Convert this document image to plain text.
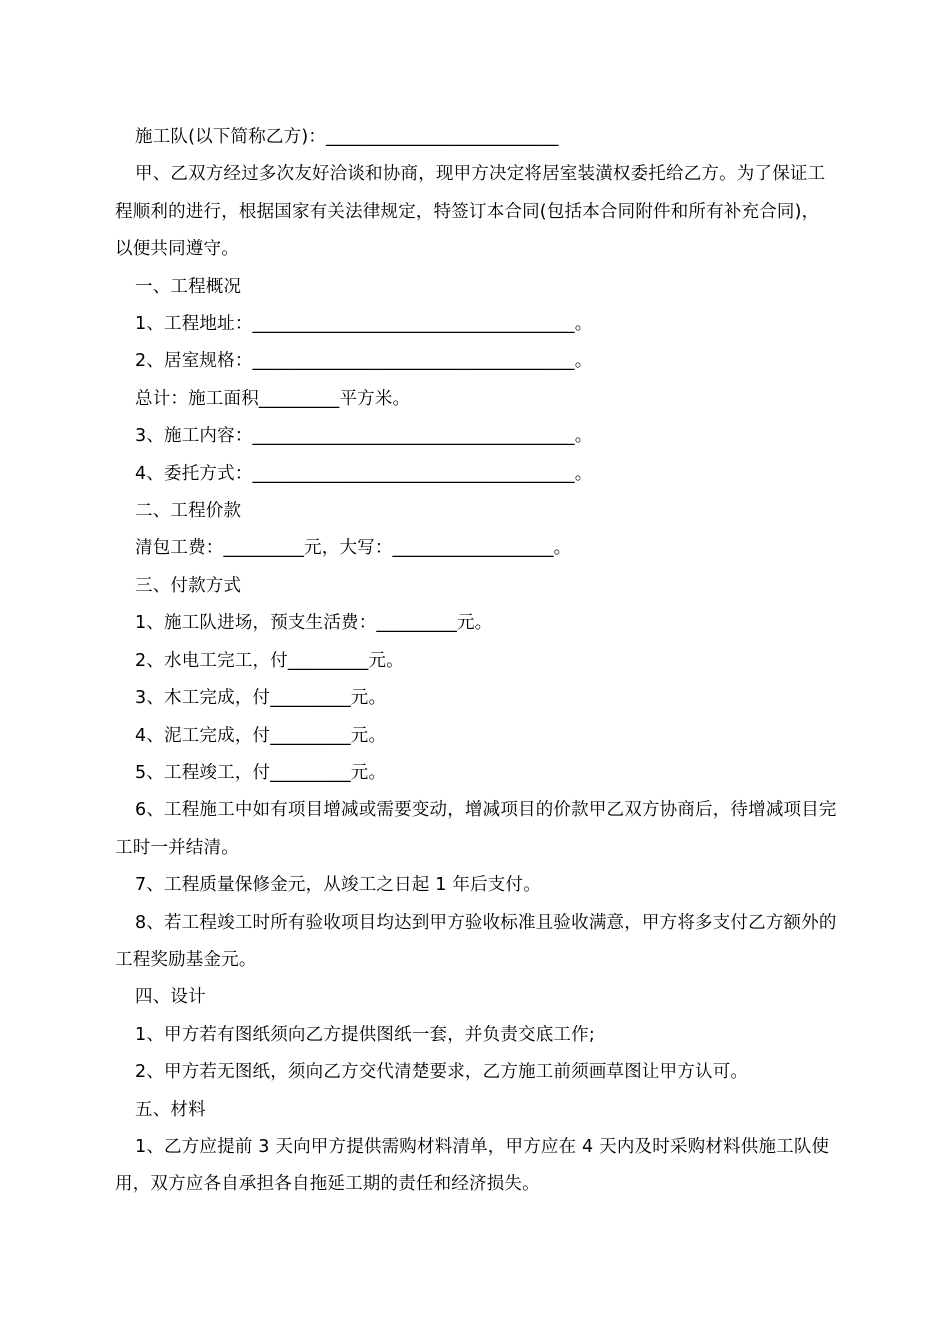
施工队(以下简称乙方)：__________________________

甲、乙双方经过多次友好洽谈和协商，现甲方决定将居室装潢权委托给乙方。为了保证工程顺利的进行，根据国家有关法律规定，特签订本合同(包括本合同附件和所有补充合同)，以便共同遵守。

一、工程概况

1、工程地址：____________________________________。

2、居室规格：____________________________________。

总计：施工面积_________平方米。

3、施工内容：____________________________________。

4、委托方式：____________________________________。

二、工程价款

清包工费：_________元，大写：__________________。

三、付款方式

1、施工队进场，预支生活费：_________元。

2、水电工完工，付_________元。

3、木工完成，付_________元。

4、泥工完成，付_________元。

5、工程竣工，付_________元。

6、工程施工中如有项目增减或需要变动，增减项目的价款甲乙双方协商后，待增减项目完工时一并结清。

7、工程质量保修金元，从竣工之日起 1 年后支付。

8、若工程竣工时所有验收项目均达到甲方验收标准且验收满意，甲方将多支付乙方额外的工程奖励基金元。

四、设计

1、甲方若有图纸须向乙方提供图纸一套，并负责交底工作;

2、甲方若无图纸，须向乙方交代清楚要求，乙方施工前须画草图让甲方认可。

五、材料

1、乙方应提前 3 天向甲方提供需购材料清单，甲方应在 4 天内及时采购材料供施工队使用，双方应各自承担各自拖延工期的责任和经济损失。
